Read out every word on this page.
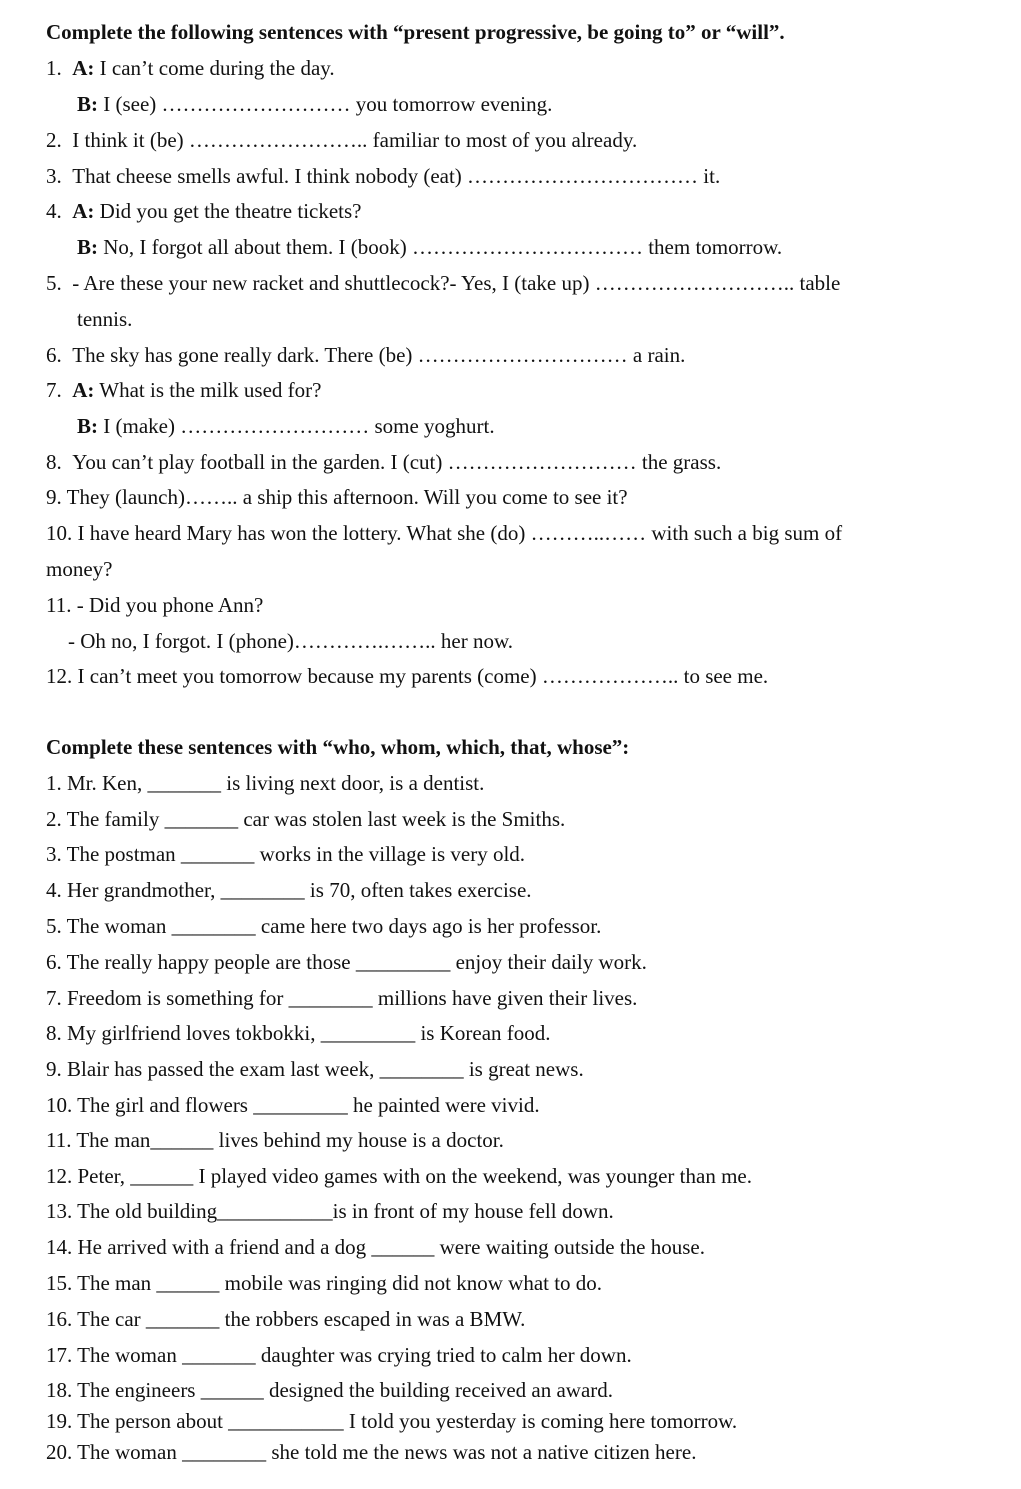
Complete the following sentences with “present progressive, be going to” or “will”.
1. A: I can’t come during the day.
B: I (see) ……………………… you tomorrow evening.
2. I think it (be) …………………….. familiar to most of you already.
3. That cheese smells awful. I think nobody (eat) …………………………… it.
4. A: Did you get the theatre tickets?
B: No, I forgot all about them. I (book) …………………………… them tomorrow.
5. - Are these your new racket and shuttlecock?- Yes, I (take up) ……………………….. table
tennis.
6. The sky has gone really dark. There (be) ………………………… a rain.
7. A: What is the milk used for?
B: I (make) ……………………… some yoghurt.
8. You can’t play football in the garden. I (cut) ……………………… the grass.
9. They (launch)…….. a ship this afternoon. Will you come to see it?
10. I have heard Mary has won the lottery. What she (do) ………..…… with such a big sum of
money?
11. - Did you phone Ann?
- Oh no, I forgot. I (phone)………….…….. her now.
12. I can’t meet you tomorrow because my parents (come) ……………….. to see me.
Complete these sentences with “who, whom, which, that, whose”:
1. Mr. Ken, _______ is living next door, is a dentist.
2. The family _______ car was stolen last week is the Smiths.
3. The postman _______ works in the village is very old.
4. Her grandmother, ________ is 70, often takes exercise.
5. The woman ________ came here two days ago is her professor.
6. The really happy people are those _________ enjoy their daily work.
7. Freedom is something for ________ millions have given their lives.
8. My girlfriend loves tokbokki, _________ is Korean food.
9. Blair has passed the exam last week, ________ is great news.
10. The girl and flowers _________ he painted were vivid.
11. The man______ lives behind my house is a doctor.
12. Peter, ______ I played video games with on the weekend, was younger than me.
13. The old building___________is in front of my house fell down.
14. He arrived with a friend and a dog ______ were waiting outside the house.
15. The man ______ mobile was ringing did not know what to do.
16. The car _______ the robbers escaped in was a BMW.
17. The woman _______ daughter was crying tried to calm her down.
18. The engineers ______ designed the building received an award.
19. The person about ___________ I told you yesterday is coming here tomorrow.
20. The woman ________ she told me the news was not a native citizen here.
